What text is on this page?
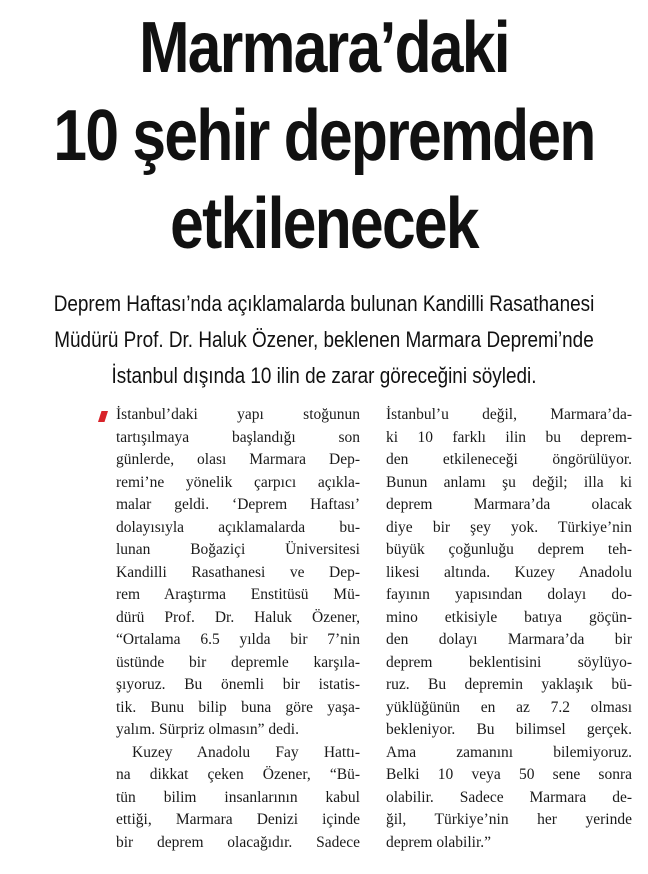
Marmara’daki
10 şehir depremden
etkilenecek
Deprem Haftası’nda açıklamalarda bulunan Kandilli Rasathanesi
Müdürü Prof. Dr. Haluk Özener, beklenen Marmara Depremi’nde
İstanbul dışında 10 ilin de zarar göreceğini söyledi.
İstanbul’daki yapı stoğunun
tartışılmaya başlandığı son
günlerde, olası Marmara Dep-
remi’ne yönelik çarpıcı açıkla-
malar geldi. ‘Deprem Haftası’
dolayısıyla açıklamalarda bu-
lunan Boğaziçi Üniversitesi
Kandilli Rasathanesi ve Dep-
rem Araştırma Enstitüsü Mü-
dürü Prof. Dr. Haluk Özener,
“Ortalama 6.5 yılda bir 7’nin
üstünde bir depremle karşıla-
şıyoruz. Bu önemli bir istatis-
tik. Bunu bilip buna göre yaşa-
yalım. Sürpriz olmasın” dedi.
Kuzey Anadolu Fay Hattı-
na dikkat çeken Özener, “Bü-
tün bilim insanlarının kabul
ettiği, Marmara Denizi içinde
bir deprem olacağıdır. Sadece
İstanbul’u değil, Marmara’da-
ki 10 farklı ilin bu deprem-
den etkileneceği öngörülüyor.
Bunun anlamı şu değil; illa ki
deprem Marmara’da olacak
diye bir şey yok. Türkiye’nin
büyük çoğunluğu deprem teh-
likesi altında. Kuzey Anadolu
fayının yapısından dolayı do-
mino etkisiyle batıya göçün-
den dolayı Marmara’da bir
deprem beklentisini söylüyo-
ruz. Bu depremin yaklaşık bü-
yüklüğünün en az 7.2 olması
bekleniyor. Bu bilimsel gerçek.
Ama zamanını bilemiyoruz.
Belki 10 veya 50 sene sonra
olabilir. Sadece Marmara de-
ğil, Türkiye’nin her yerinde
deprem olabilir.”
